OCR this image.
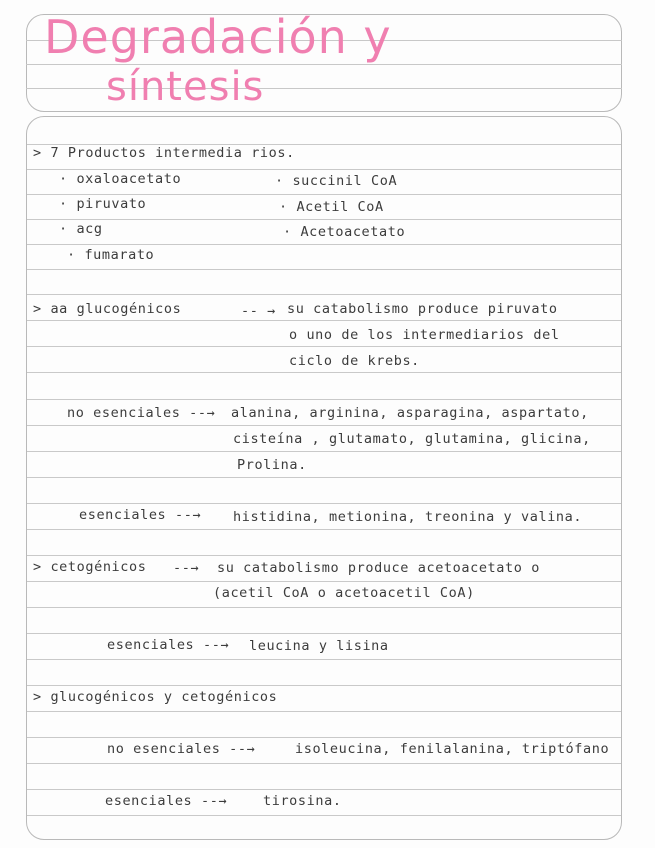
Degradación y
síntesis
> 7 Productos intermedia rios.
· oxaloacetato
· piruvato
· acg
· fumarato
· succinil CoA
· Acetil CoA
· Acetoacetato
> aa glucogénicos	-- → su catabolismo produce piruvato
o uno de los intermediarios del
ciclo de krebs.
no esenciales --→ alanina, arginina, asparagina, aspartato,
cisteína , glutamato, glutamina, glicina,
Prolina.
esenciales --→ histidina, metionina, treonina y valina.
> cetogénicos --→ su catabolismo produce acetoacetato o
(acetil CoA o acetoacetil CoA)
esenciales --→ leucina y lisina
> glucogénicos y cetogénicos
no esenciales --→	isoleucina, fenilalanina, triptófano
esenciales --→	tirosina.
